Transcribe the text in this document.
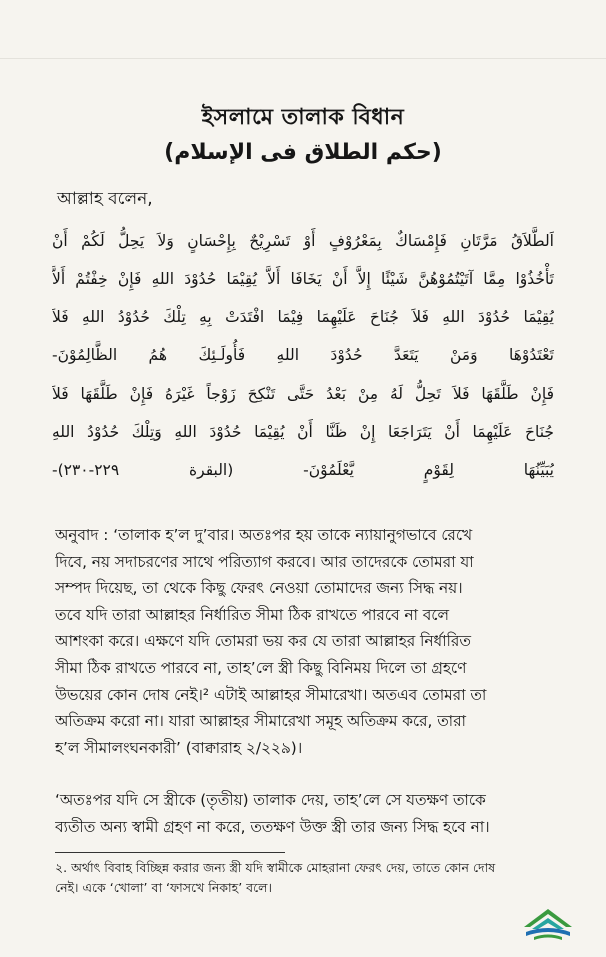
ইসলামে তালাক বিধান
(حكم الطلاق فى الإسلام)
আল্লাহ বলেন,
اَلطَّلاَقُ مَرَّتَانِ فَإِمْسَاكٌ بِمَعْرُوْفٍ أَوْ تَسْرِيْحٌ بِإِحْسَانٍ وَلاَ يَحِلُّ لَكُمْ أَنْ
تَأْخُذُوْا مِمَّا آتَيْتُمُوْهُنَّ شَيْئًا إِلاَّ أَنْ يَخَافَا أَلاَّ يُقِيْمَا حُدُوْدَ اللهِ فَإِنْ خِفْتُمْ أَلاَّ
يُقِيْمَا حُدُوْدَ اللهِ فَلاَ جُنَاحَ عَلَيْهِمَا فِيْمَا افْتَدَتْ بِهِ تِلْكَ حُدُوْدُ اللهِ فَلاَ
تَعْتَدُوْهَا وَمَنْ يَتَعَدَّ حُدُوْدَ اللهِ فَأُولَـئِكَ هُمُ الظَّالِمُوْنَ-
فَإِنْ طَلَّقَهَا فَلاَ تَحِلُّ لَهُ مِنْ بَعْدُ حَتَّى تَنْكِحَ زَوْجاً غَيْرَهُ فَإِنْ طَلَّقَهَا فَلاَ
جُنَاحَ عَلَيْهِمَا أَنْ يَتَرَاجَعَا إِنْ ظَنَّا أَنْ يُقِيْمَا حُدُوْدَ اللهِ وَتِلْكَ حُدُوْدُ اللهِ
يُبَيِّنُهَا لِقَوْمٍ يَّعْلَمُوْنَ- (البقرة ٢٢٩-٢٣٠)-
অনুবাদ : ‘তালাক হ’ল দু’বার। অতঃপর হয় তাকে ন্যায়ানুগভাবে রেখে
দিবে, নয় সদাচরণের সাথে পরিত্যাগ করবে। আর তাদেরকে তোমরা যা
সম্পদ দিয়েছ, তা থেকে কিছু ফেরৎ নেওয়া তোমাদের জন্য সিদ্ধ নয়।
তবে যদি তারা আল্লাহর নির্ধারিত সীমা ঠিক রাখতে পারবে না বলে
আশংকা করে। এক্ষণে যদি তোমরা ভয় কর যে তারা আল্লাহর নির্ধারিত
সীমা ঠিক রাখতে পারবে না, তাহ’লে স্ত্রী কিছু বিনিময় দিলে তা গ্রহণে
উভয়ের কোন দোষ নেই।² এটাই আল্লাহর সীমারেখা। অতএব তোমরা তা
অতিক্রম করো না। যারা আল্লাহর সীমারেখা সমূহ অতিক্রম করে, তারা
হ’ল সীমালংঘনকারী’ (বাক্বারাহ ২/২২৯)।
‘অতঃপর যদি সে স্ত্রীকে (তৃতীয়) তালাক দেয়, তাহ’লে সে যতক্ষণ তাকে
ব্যতীত অন্য স্বামী গ্রহণ না করে, ততক্ষণ উক্ত স্ত্রী তার জন্য সিদ্ধ হবে না।
২. অর্থাৎ বিবাহ বিচ্ছিন্ন করার জন্য স্ত্রী যদি স্বামীকে মোহরানা ফেরৎ দেয়, তাতে কোন দোষ
নেই। একে ‘খোলা’ বা ‘ফাসখে নিকাহ’ বলে।
